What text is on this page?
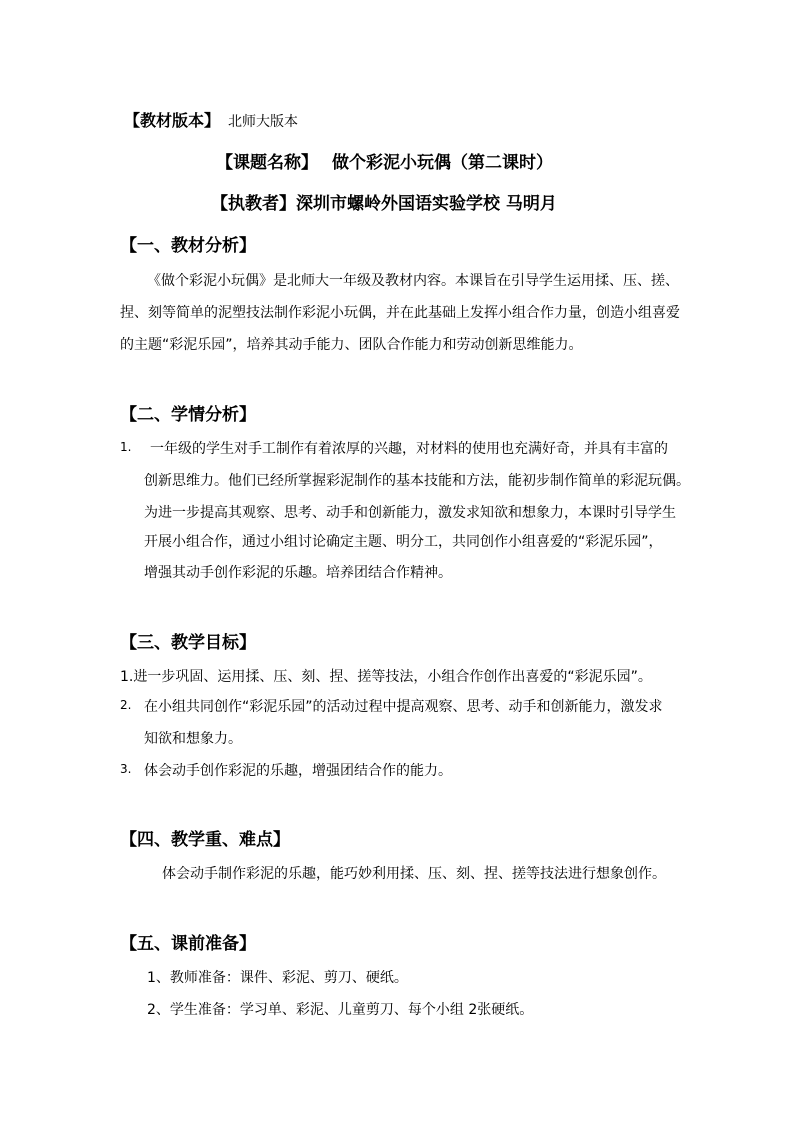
【教材版本】 北师大版本
【课题名称】 做个彩泥小玩偶（第二课时）
【执教者】深圳市螺岭外国语实验学校 马明月
【一、教材分析】
《做个彩泥小玩偶》是北师大一年级及教材内容。本课旨在引导学生运用揉、压、搓、
捏、刻等简单的泥塑技法制作彩泥小玩偶，并在此基础上发挥小组合作力量，创造小组喜爱
的主题“彩泥乐园”，培养其动手能力、团队合作能力和劳动创新思维能力。
【二、学情分析】
1. 一年级的学生对手工制作有着浓厚的兴趣，对材料的使用也充满好奇，并具有丰富的
创新思维力。他们已经所掌握彩泥制作的基本技能和方法，能初步制作简单的彩泥玩偶。
为进一步提高其观察、思考、动手和创新能力，激发求知欲和想象力，本课时引导学生
开展小组合作，通过小组讨论确定主题、明分工，共同创作小组喜爱的“彩泥乐园”，
增强其动手创作彩泥的乐趣。培养团结合作精神。
【三、教学目标】
1.进一步巩固、运用揉、压、刻、捏、搓等技法，小组合作创作出喜爱的“彩泥乐园”。
2. 在小组共同创作“彩泥乐园”的活动过程中提高观察、思考、动手和创新能力，激发求
知欲和想象力。
3. 体会动手创作彩泥的乐趣，增强团结合作的能力。
【四、教学重、难点】
体会动手制作彩泥的乐趣，能巧妙利用揉、压、刻、捏、搓等技法进行想象创作。
【五、课前准备】
1、教师准备：课件、彩泥、剪刀、硬纸。
2、学生准备：学习单、彩泥、儿童剪刀、每个小组 2张硬纸。
